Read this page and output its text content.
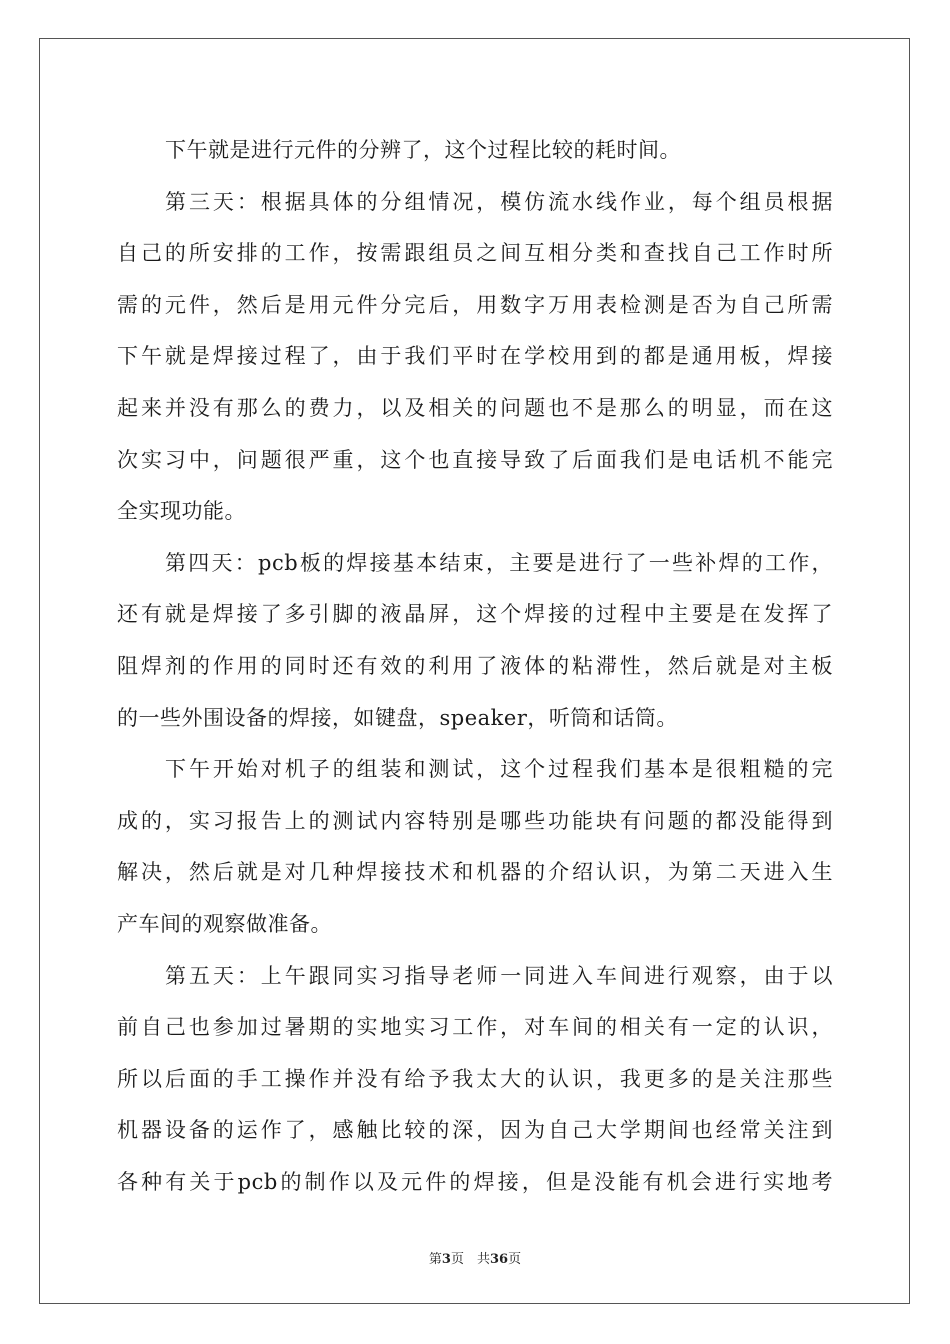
下午就是进行元件的分辨了，这个过程比较的耗时间。
第三天：根据具体的分组情况，模仿流水线作业，每个组员根据
自己的所安排的工作，按需跟组员之间互相分类和查找自己工作时所
需的元件，然后是用元件分完后，用数字万用表检测是否为自己所需
下午就是焊接过程了，由于我们平时在学校用到的都是通用板，焊接
起来并没有那么的费力，以及相关的问题也不是那么的明显，而在这
次实习中，问题很严重，这个也直接导致了后面我们是电话机不能完
全实现功能。
第四天：pcb板的焊接基本结束，主要是进行了一些补焊的工作，
还有就是焊接了多引脚的液晶屏，这个焊接的过程中主要是在发挥了
阻焊剂的作用的同时还有效的利用了液体的粘滞性，然后就是对主板
的一些外围设备的焊接，如键盘，speaker，听筒和话筒。
下午开始对机子的组装和测试，这个过程我们基本是很粗糙的完
成的，实习报告上的测试内容特别是哪些功能块有问题的都没能得到
解决，然后就是对几种焊接技术和机器的介绍认识，为第二天进入生
产车间的观察做准备。
第五天：上午跟同实习指导老师一同进入车间进行观察，由于以
前自己也参加过暑期的实地实习工作，对车间的相关有一定的认识，
所以后面的手工操作并没有给予我太大的认识，我更多的是关注那些
机器设备的运作了，感触比较的深，因为自己大学期间也经常关注到
各种有关于pcb的制作以及元件的焊接，但是没能有机会进行实地考
第3页　共36页
